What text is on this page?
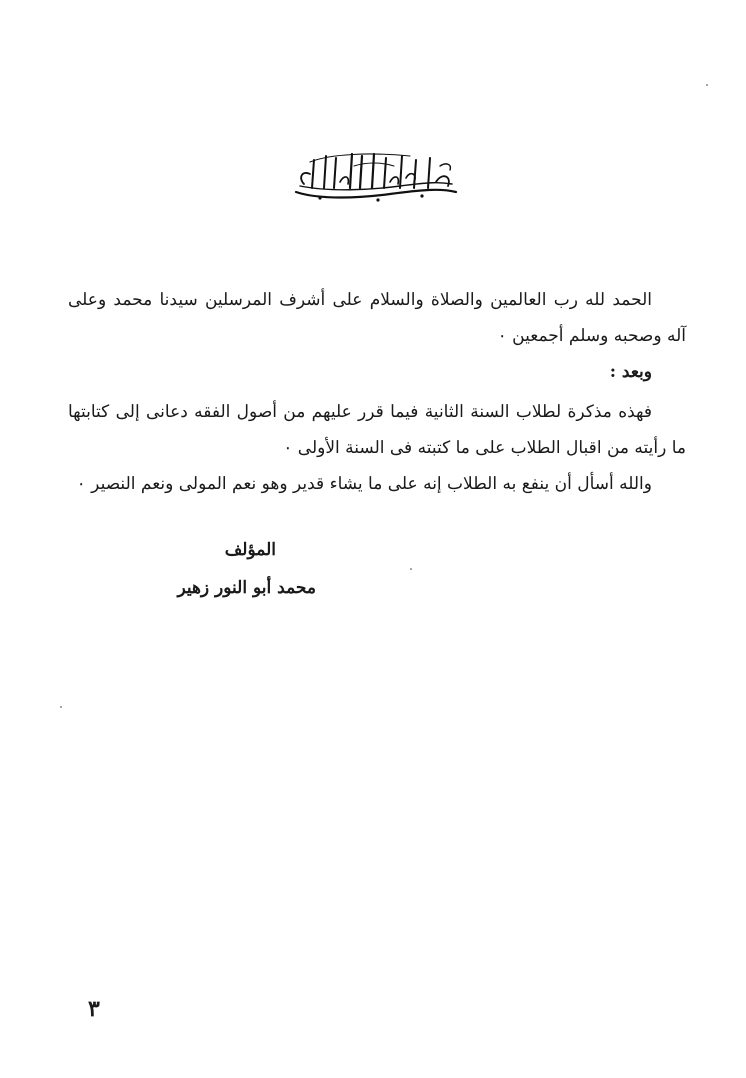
الحمد لله رب العالمين والصلاة والسلام على أشرف المرسلين سيدنا محمد وعلى آله وصحبه وسلم أجمعين ٠

وبعد :

فهذه مذكرة لطلاب السنة الثانية فيما قرر عليهم من أصول الفقه دعانى إلى كتابتها ما رأيته من اقبال الطلاب على ما كتبته فى السنة الأولى ٠

والله أسأل أن ينفع به الطلاب إنه على ما يشاء قدير وهو نعم المولى ونعم النصير ٠

المؤلف
محمد أبو النور زهير
٣
